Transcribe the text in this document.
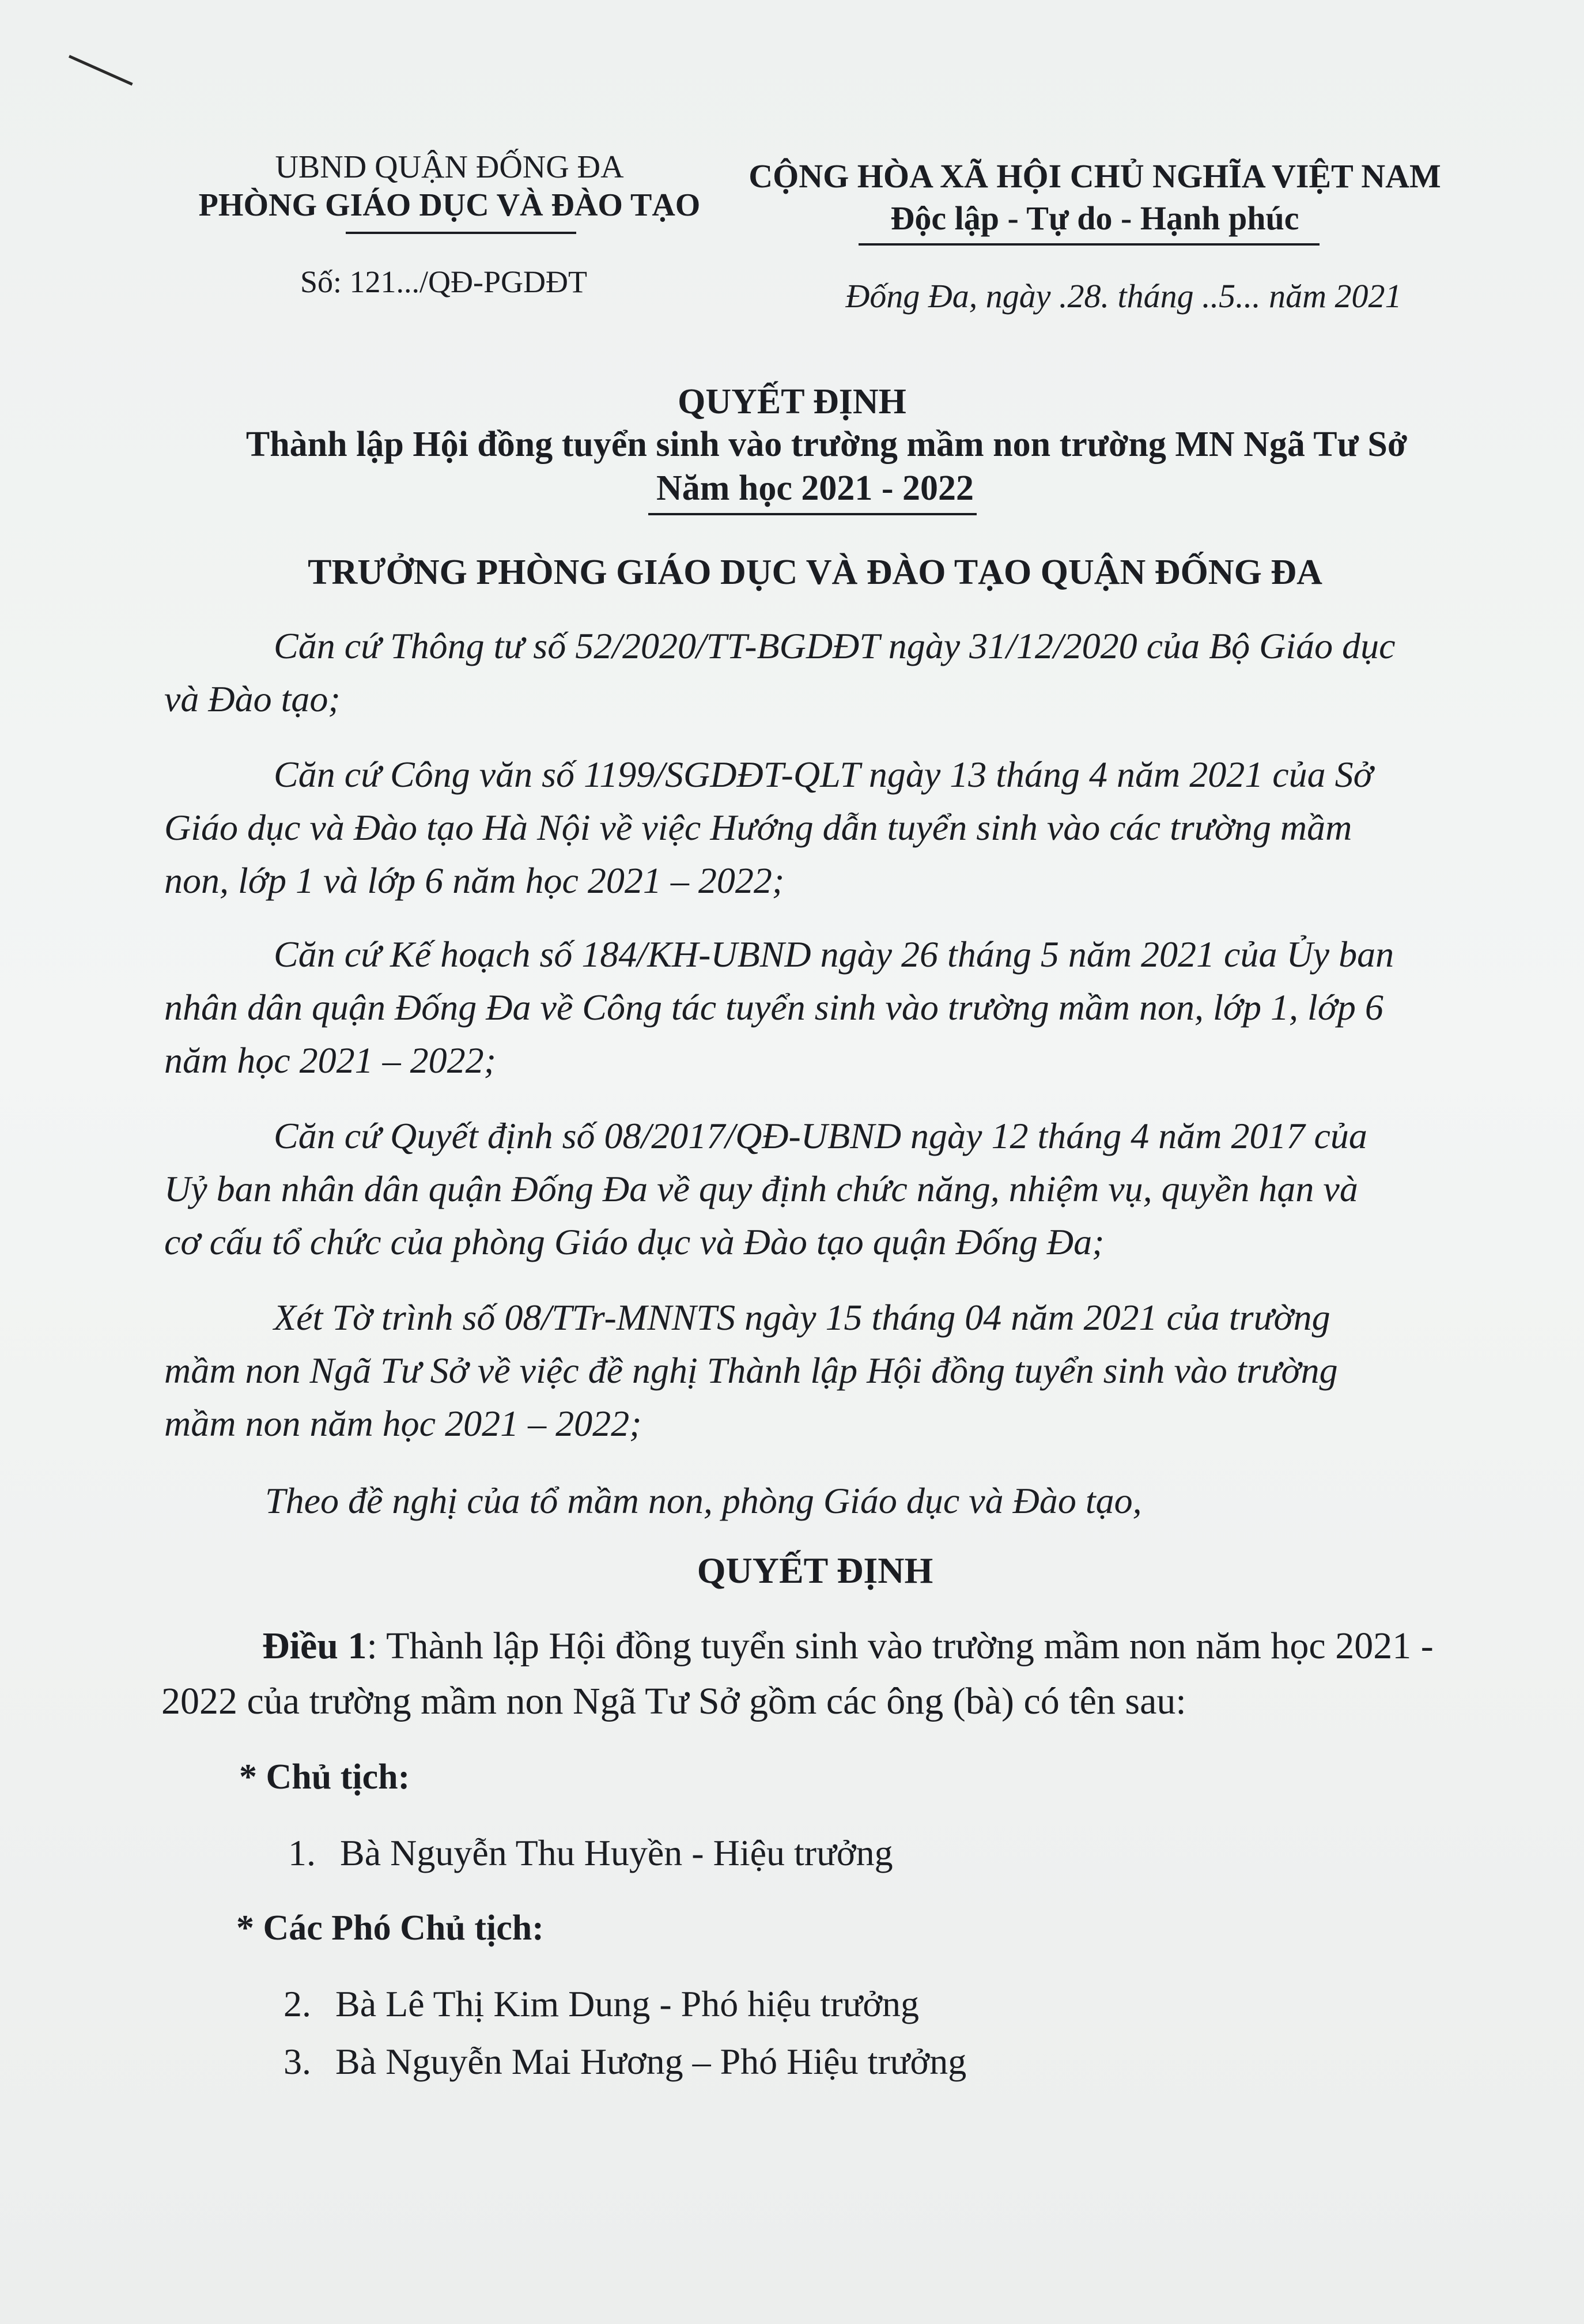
UBND QUẬN ĐỐNG ĐA
PHÒNG GIÁO DỤC VÀ ĐÀO TẠO
Số: 121.../QĐ-PGDĐT
CỘNG HÒA XÃ HỘI CHỦ NGHĨA VIỆT NAM
Độc lập - Tự do - Hạnh phúc
Đống Đa, ngày .28. tháng ..5... năm 2021
QUYẾT ĐỊNH
Thành lập Hội đồng tuyển sinh vào trường mầm non trường MN Ngã Tư Sở
Năm học 2021 - 2022
TRƯỞNG PHÒNG GIÁO DỤC VÀ ĐÀO TẠO QUẬN ĐỐNG ĐA
Căn cứ Thông tư số 52/2020/TT-BGDĐT ngày 31/12/2020 của Bộ Giáo dục
và Đào tạo;
Căn cứ Công văn số 1199/SGDĐT-QLT ngày 13 tháng 4 năm 2021 của Sở
Giáo dục và Đào tạo Hà Nội về việc Hướng dẫn tuyển sinh vào các trường mầm
non, lớp 1 và lớp 6 năm học 2021 – 2022;
Căn cứ Kế hoạch số 184/KH-UBND ngày 26 tháng 5 năm 2021 của Ủy ban
nhân dân quận Đống Đa về Công tác tuyển sinh vào trường mầm non, lớp 1, lớp 6
năm học 2021 – 2022;
Căn cứ Quyết định số 08/2017/QĐ-UBND ngày 12 tháng 4 năm 2017 của
Uỷ ban nhân dân quận Đống Đa về quy định chức năng, nhiệm vụ, quyền hạn và
cơ cấu tổ chức của phòng Giáo dục và Đào tạo quận Đống Đa;
Xét Tờ trình số 08/TTr-MNNTS ngày 15 tháng 04 năm 2021 của trường
mầm non Ngã Tư Sở về việc đề nghị Thành lập Hội đồng tuyển sinh vào trường
mầm non năm học 2021 – 2022;
Theo đề nghị của tổ mầm non, phòng Giáo dục và Đào tạo,
QUYẾT ĐỊNH
Điều 1: Thành lập Hội đồng tuyển sinh vào trường mầm non năm học 2021 -
2022 của trường mầm non Ngã Tư Sở gồm các ông (bà) có tên sau:
* Chủ tịch:
1. Bà Nguyễn Thu Huyền - Hiệu trưởng
* Các Phó Chủ tịch:
2. Bà Lê Thị Kim Dung - Phó hiệu trưởng
3. Bà Nguyễn Mai Hương – Phó Hiệu trưởng
